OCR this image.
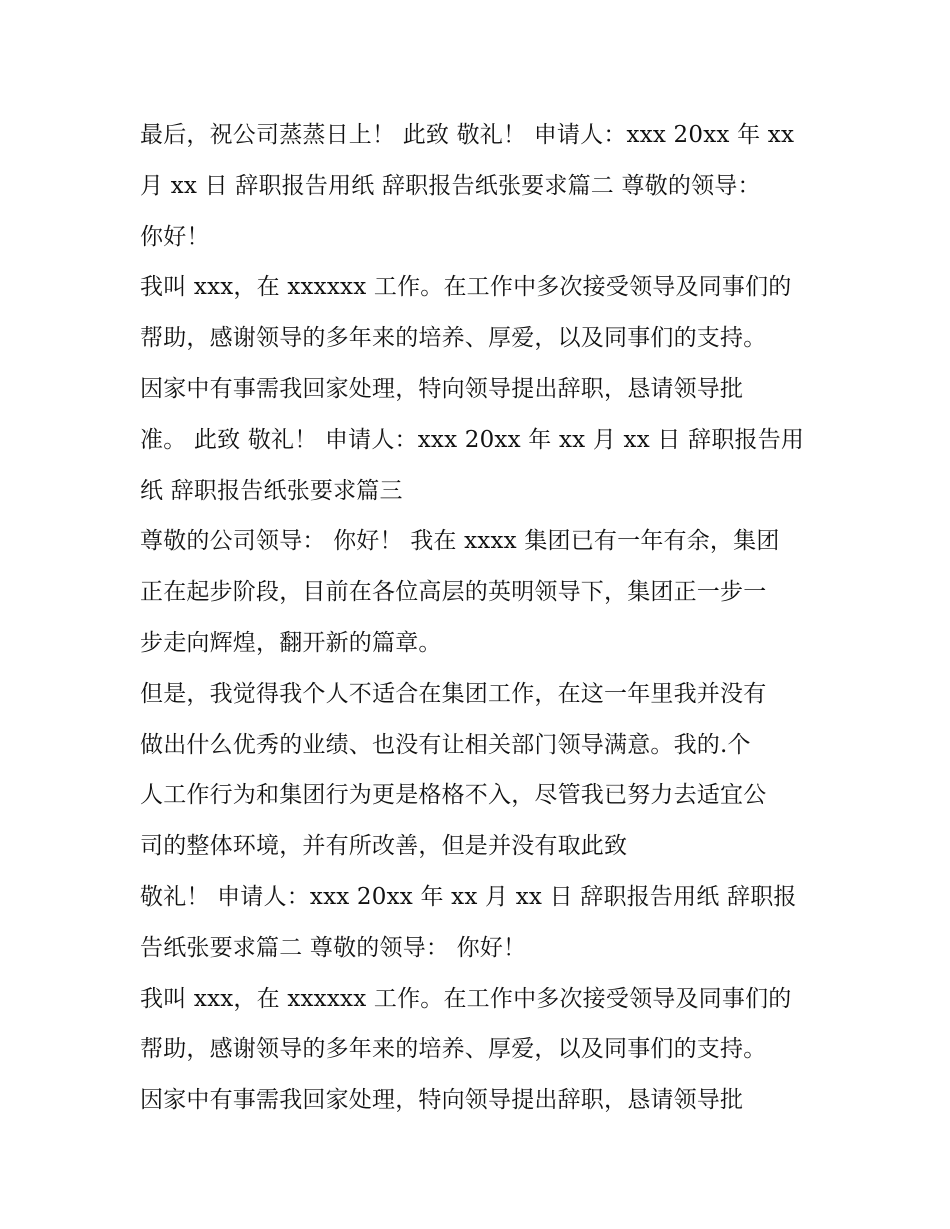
最后，祝公司蒸蒸日上！ 此致 敬礼！ 申请人：xxx 20xx 年 xx
月 xx 日 辞职报告用纸 辞职报告纸张要求篇二 尊敬的领导：
你好！
我叫 xxx，在 xxxxxx 工作。在工作中多次接受领导及同事们的
帮助，感谢领导的多年来的培养、厚爱，以及同事们的支持。
因家中有事需我回家处理，特向领导提出辞职，恳请领导批
准。 此致 敬礼！ 申请人：xxx 20xx 年 xx 月 xx 日 辞职报告用
纸 辞职报告纸张要求篇三
尊敬的公司领导： 你好！ 我在 xxxx 集团已有一年有余，集团
正在起步阶段，目前在各位高层的英明领导下，集团正一步一
步走向辉煌，翻开新的篇章。
但是，我觉得我个人不适合在集团工作，在这一年里我并没有
做出什么优秀的业绩、也没有让相关部门领导满意。我的.个
人工作行为和集团行为更是格格不入，尽管我已努力去适宜公
司的整体环境，并有所改善，但是并没有取此致
敬礼！ 申请人：xxx 20xx 年 xx 月 xx 日 辞职报告用纸 辞职报
告纸张要求篇二 尊敬的领导： 你好！
我叫 xxx，在 xxxxxx 工作。在工作中多次接受领导及同事们的
帮助，感谢领导的多年来的培养、厚爱，以及同事们的支持。
因家中有事需我回家处理，特向领导提出辞职，恳请领导批
